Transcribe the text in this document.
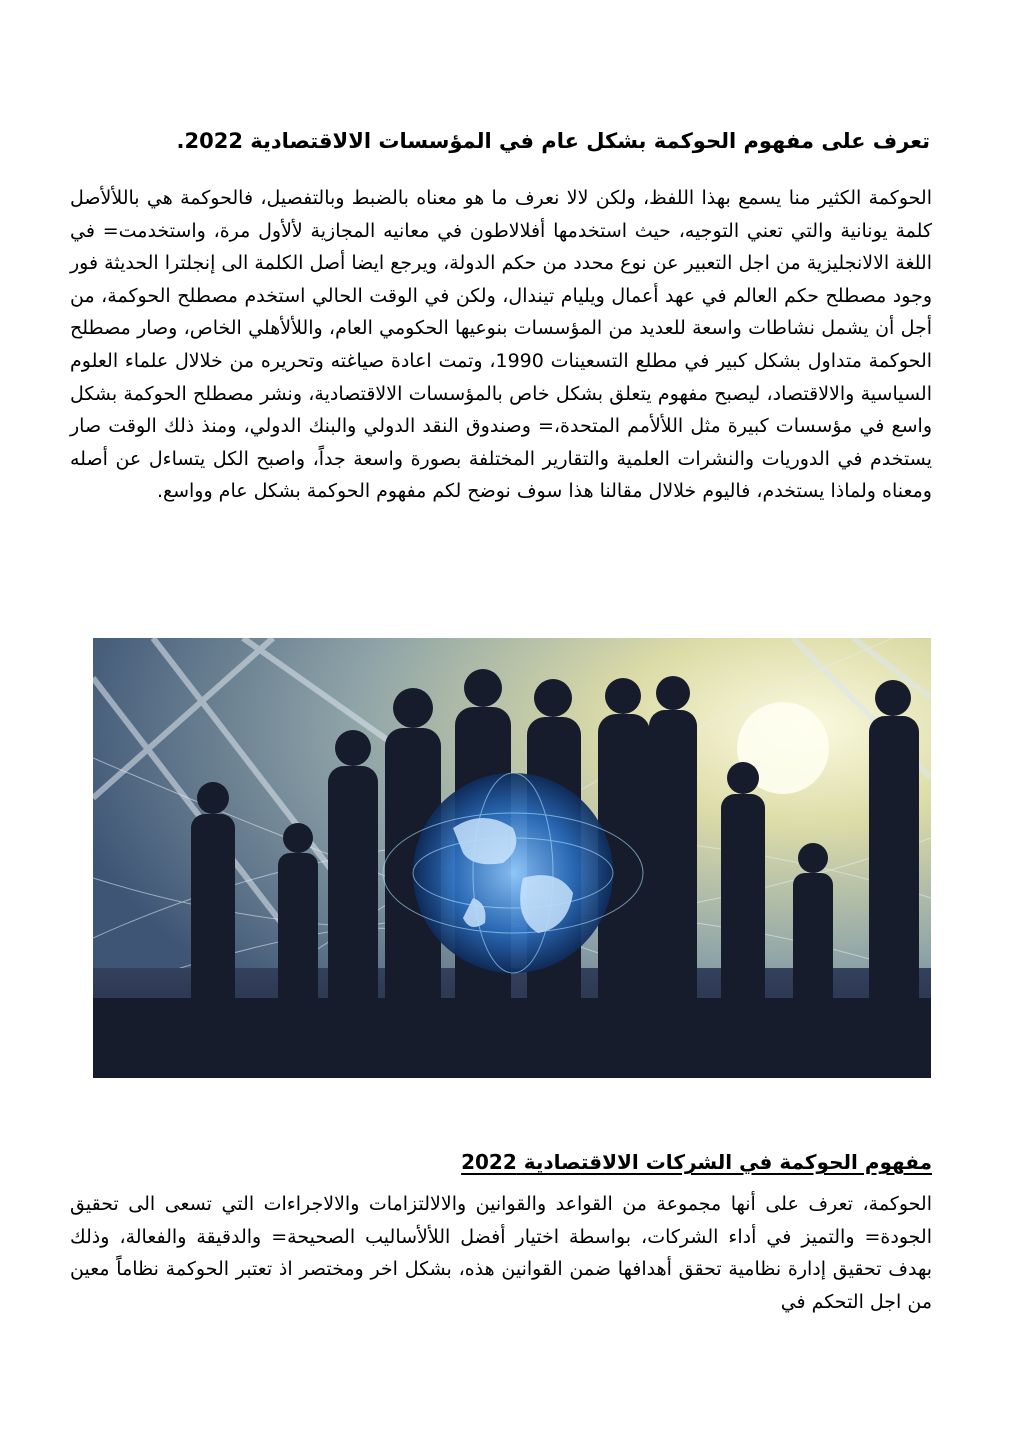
تعرف على مفهوم الحوكمة بشكل عام في المؤسسات الالاقتصادية 2022.
الحوكمة الكثير منا يسمع بهذا اللفظ، ولكن لالا نعرف ما هو معناه بالضبط وبالتفصيل، فالحوكمة هي باللألأصل كلمة يونانية والتي تعني التوجيه، حيث استخدمها أفلالاطون في معانيه المجازية لألأول مرة، واستخدمت= في اللغة الالانجليزية من اجل التعبير عن نوع محدد من حكم الدولة، ويرجع ايضا أصل الكلمة الى إنجلترا الحديثة فور وجود مصطلح حكم العالم في عهد أعمال ويليام تيندال، ولكن في الوقت الحالي استخدم مصطلح الحوكمة، من أجل أن يشمل نشاطات واسعة للعديد من المؤسسات بنوعيها الحكومي العام، واللألأهلي الخاص، وصار مصطلح الحوكمة متداول بشكل كبير في مطلع التسعينات 1990، وتمت اعادة صياغته وتحريره من خلالال علماء العلوم السياسية والالاقتصاد، ليصبح مفهوم يتعلق بشكل خاص بالمؤسسات الالاقتصادية، ونشر مصطلح الحوكمة بشكل واسع في مؤسسات كبيرة مثل اللألأمم المتحدة،= وصندوق النقد الدولي والبنك الدولي، ومنذ ذلك الوقت صار يستخدم في الدوريات والنشرات العلمية والتقارير المختلفة بصورة واسعة جداًً، واصبح الكل يتساءل عن أصله ومعناه ولماذا يستخدم، فاليوم خلالال مقالنا هذا سوف نوضح لكم مفهوم الحوكمة بشكل عام وواسع.
مفهوم الحوكمة في الشركات الالاقتصادية 2022
الحوكمة، تعرف على أنها مجموعة من القواعد والقوانين والالالتزامات والالاجراءات التي تسعى الى تحقيق الجودة= والتميز في أداء الشركات، بواسطة اختيار أفضل اللألأساليب الصحيحة= والدقيقة والفعالة، وذلك بهدف تحقيق إدارة نظامية تحقق أهدافها ضمن القوانين هذه، بشكل اخر ومختصر اذ تعتبر الحوكمة نظاماًً معين من اجل التحكم في
